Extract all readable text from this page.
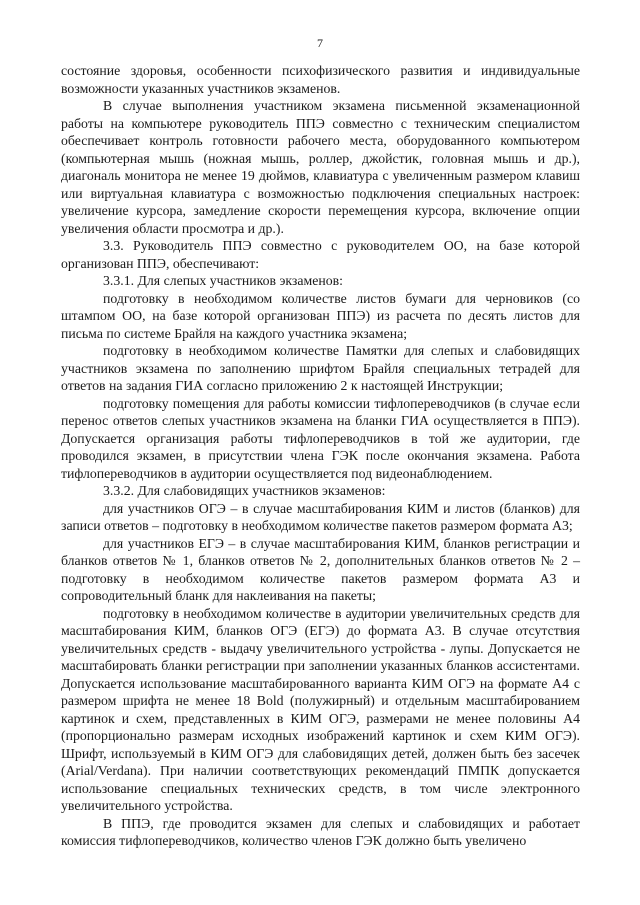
7

состояние здоровья, особенности психофизического развития и индивидуальные возможности указанных участников экзаменов.

В случае выполнения участником экзамена письменной экзаменационной работы на компьютере руководитель ППЭ совместно с техническим специалистом обеспечивает контроль готовности рабочего места, оборудованного компьютером (компьютерная мышь (ножная мышь, роллер, джойстик, головная мышь и др.), диагональ монитора не менее 19 дюймов, клавиатура с увеличенным размером клавиш или виртуальная клавиатура с возможностью подключения специальных настроек: увеличение курсора, замедление скорости перемещения курсора, включение опции увеличения области просмотра и др.).

3.3. Руководитель ППЭ совместно с руководителем ОО, на базе которой организован ППЭ, обеспечивают:

3.3.1. Для слепых участников экзаменов:

подготовку в необходимом количестве листов бумаги для черновиков (со штампом ОО, на базе которой организован ППЭ) из расчета по десять листов для письма по системе Брайля на каждого участника экзамена;

подготовку в необходимом количестве Памятки для слепых и слабовидящих участников экзамена по заполнению шрифтом Брайля специальных тетрадей для ответов на задания ГИА согласно приложению 2 к настоящей Инструкции;

подготовку помещения для работы комиссии тифлопереводчиков (в случае если перенос ответов слепых участников экзамена на бланки ГИА осуществляется в ППЭ). Допускается организация работы тифлопереводчиков в той же аудитории, где проводился экзамен, в присутствии члена ГЭК после окончания экзамена. Работа тифлопереводчиков в аудитории осуществляется под видеонаблюдением.

3.3.2. Для слабовидящих участников экзаменов:

для участников ОГЭ – в случае масштабирования КИМ и листов (бланков) для записи ответов – подготовку в необходимом количестве пакетов размером формата А3;

для участников ЕГЭ – в случае масштабирования КИМ, бланков регистрации и бланков ответов № 1, бланков ответов № 2, дополнительных бланков ответов № 2 – подготовку в необходимом количестве пакетов размером формата А3 и сопроводительный бланк для наклеивания на пакеты;

подготовку в необходимом количестве в аудитории увеличительных средств для масштабирования КИМ, бланков ОГЭ (ЕГЭ) до формата А3. В случае отсутствия увеличительных средств - выдачу увеличительного устройства - лупы. Допускается не масштабировать бланки регистрации при заполнении указанных бланков ассистентами. Допускается использование масштабированного варианта КИМ ОГЭ на формате А4 с размером шрифта не менее 18 Bold (полужирный) и отдельным масштабированием картинок и схем, представленных в КИМ ОГЭ, размерами не менее половины А4 (пропорционально размерам исходных изображений картинок и схем КИМ ОГЭ). Шрифт, используемый в КИМ ОГЭ для слабовидящих детей, должен быть без засечек (Arial/Verdana). При наличии соответствующих рекомендаций ПМПК допускается использование специальных технических средств, в том числе электронного увеличительного устройства.

В ППЭ, где проводится экзамен для слепых и слабовидящих и работает комиссия тифлопереводчиков, количество членов ГЭК должно быть увеличено
